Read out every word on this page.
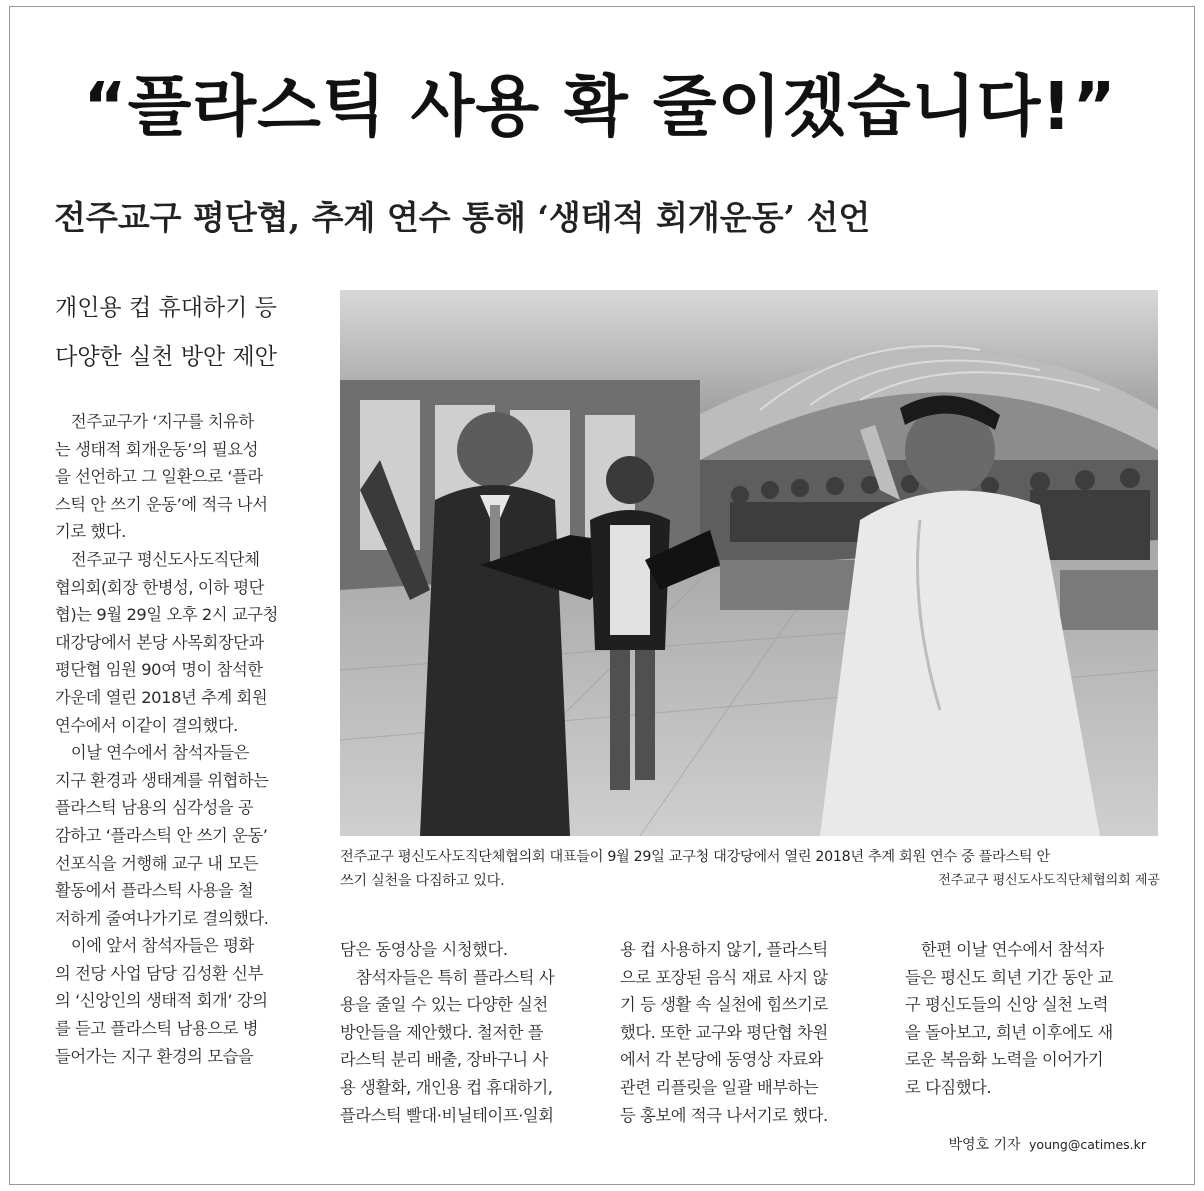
“플라스틱 사용 확 줄이겠습니다!”
전주교구 평단협, 추계 연수 통해 ‘생태적 회개운동’ 선언
개인용 컵 휴대하기 등
다양한 실천 방안 제안
　전주교구가 ‘지구를 치유하
는 생태적 회개운동’의 필요성
을 선언하고 그 일환으로 ‘플라
스틱 안 쓰기 운동’에 적극 나서
기로 했다.
　전주교구 평신도사도직단체
협의회(회장 한병성, 이하 평단
협)는 9월 29일 오후 2시 교구청
대강당에서 본당 사목회장단과
평단협 임원 90여 명이 참석한
가운데 열린 2018년 추계 회원
연수에서 이같이 결의했다.
　이날 연수에서 참석자들은
지구 환경과 생태계를 위협하는
플라스틱 남용의 심각성을 공
감하고 ‘플라스틱 안 쓰기 운동’
선포식을 거행해 교구 내 모든
활동에서 플라스틱 사용을 철
저하게 줄여나가기로 결의했다.
　이에 앞서 참석자들은 평화
의 전당 사업 담당 김성환 신부
의 ‘신앙인의 생태적 회개’ 강의
를 듣고 플라스틱 남용으로 병
들어가는 지구 환경의 모습을
전주교구 평신도사도직단체협의회 대표들이 9월 29일 교구청 대강당에서 열린 2018년 추계 회원 연수 중 플라스틱 안
쓰기 실천을 다짐하고 있다.	전주교구 평신도사도직단체협의회 제공
담은 동영상을 시청했다.
　참석자들은 특히 플라스틱 사
용을 줄일 수 있는 다양한 실천
방안들을 제안했다. 철저한 플
라스틱 분리 배출, 장바구니 사
용 생활화, 개인용 컵 휴대하기,
플라스틱 빨대·비닐테이프·일회
용 컵 사용하지 않기, 플라스틱
으로 포장된 음식 재료 사지 않
기 등 생활 속 실천에 힘쓰기로
했다. 또한 교구와 평단협 차원
에서 각 본당에 동영상 자료와
관련 리플릿을 일괄 배부하는
등 홍보에 적극 나서기로 했다.
　한편 이날 연수에서 참석자
들은 평신도 희년 기간 동안 교
구 평신도들의 신앙 실천 노력
을 돌아보고, 희년 이후에도 새
로운 복음화 노력을 이어가기
로 다짐했다.
박영호 기자 young@catimes.kr
